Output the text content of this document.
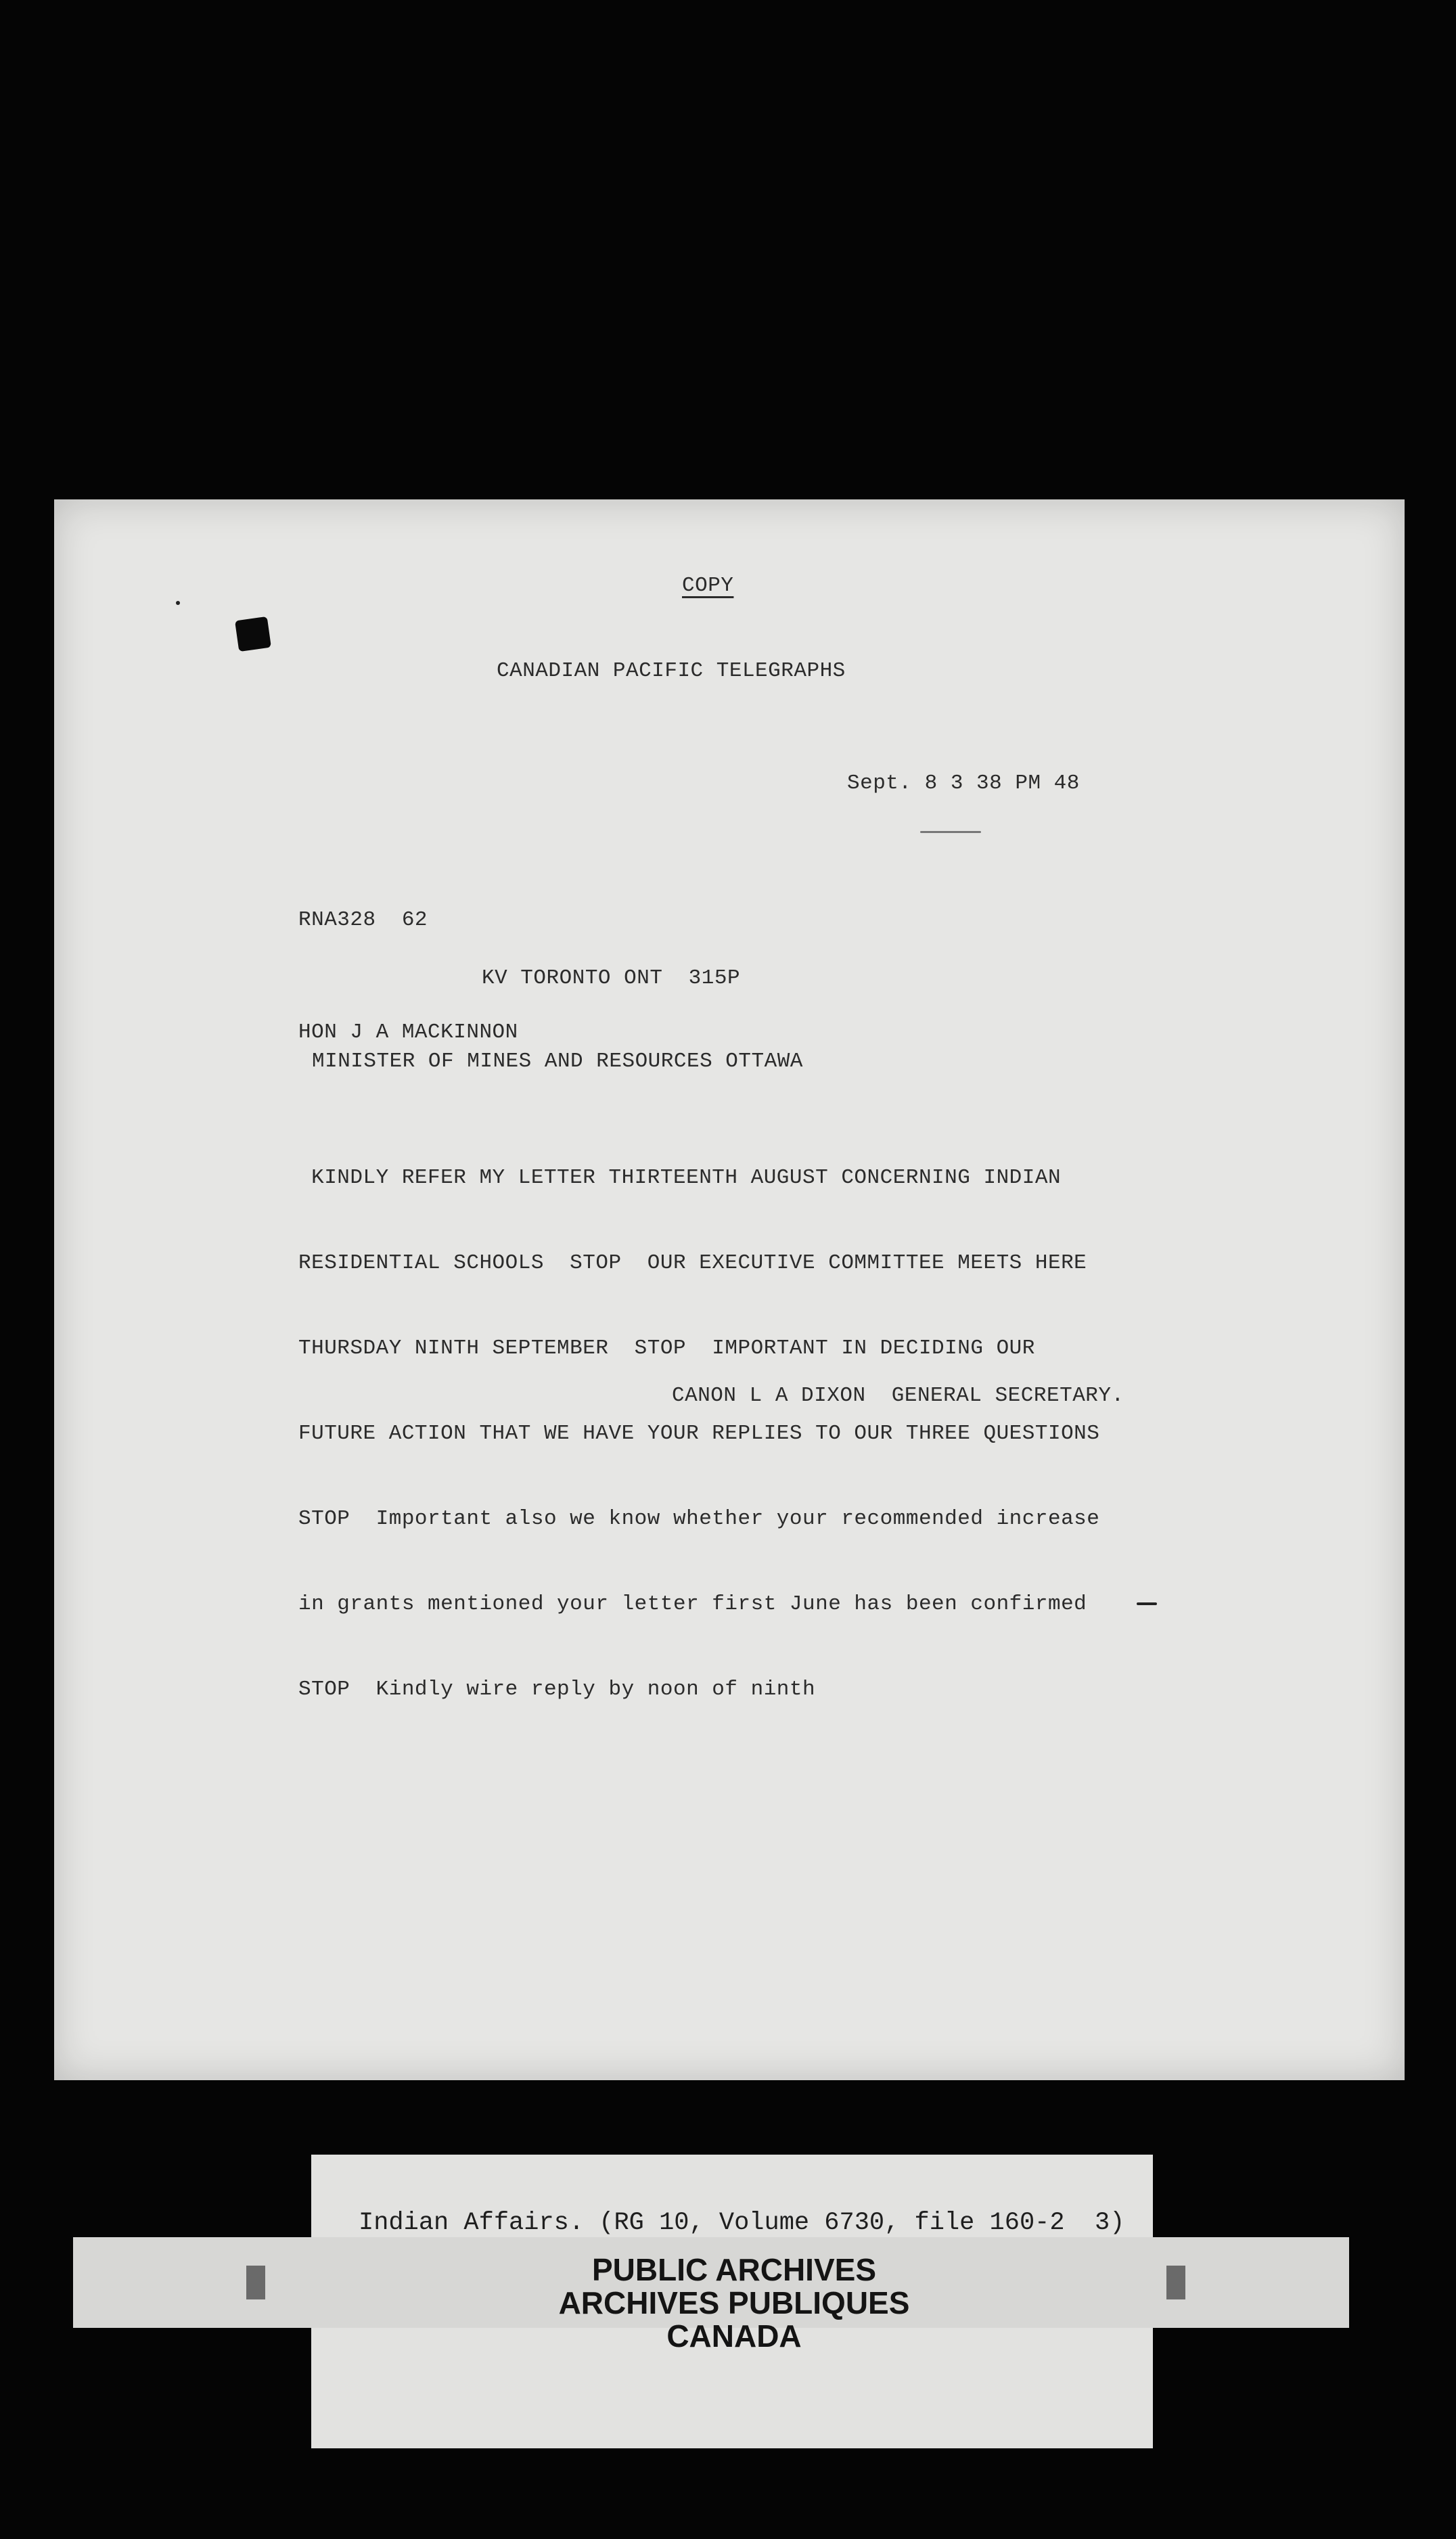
COPY
CANADIAN PACIFIC TELEGRAPHS
Sept. 8 3 38 PM 48
RNA328  62
KV TORONTO ONT  315P
HON J A MACKINNON
MINISTER OF MINES AND RESOURCES OTTAWA

KINDLY REFER MY LETTER THIRTEENTH AUGUST CONCERNING INDIAN

RESIDENTIAL SCHOOLS  STOP  OUR EXECUTIVE COMMITTEE MEETS HERE

THURSDAY NINTH SEPTEMBER  STOP  IMPORTANT IN DECIDING OUR

FUTURE ACTION THAT WE HAVE YOUR REPLIES TO OUR THREE QUESTIONS

STOP  Important also we know whether your recommended increase

in grants mentioned your letter first June has been confirmed

STOP  Kindly wire reply by noon of ninth

CANON L A DIXON  GENERAL SECRETARY.
Indian Affairs. (RG 10, Volume 6730, file 160-2  3)
PUBLIC ARCHIVES
ARCHIVES PUBLIQUES
CANADA
